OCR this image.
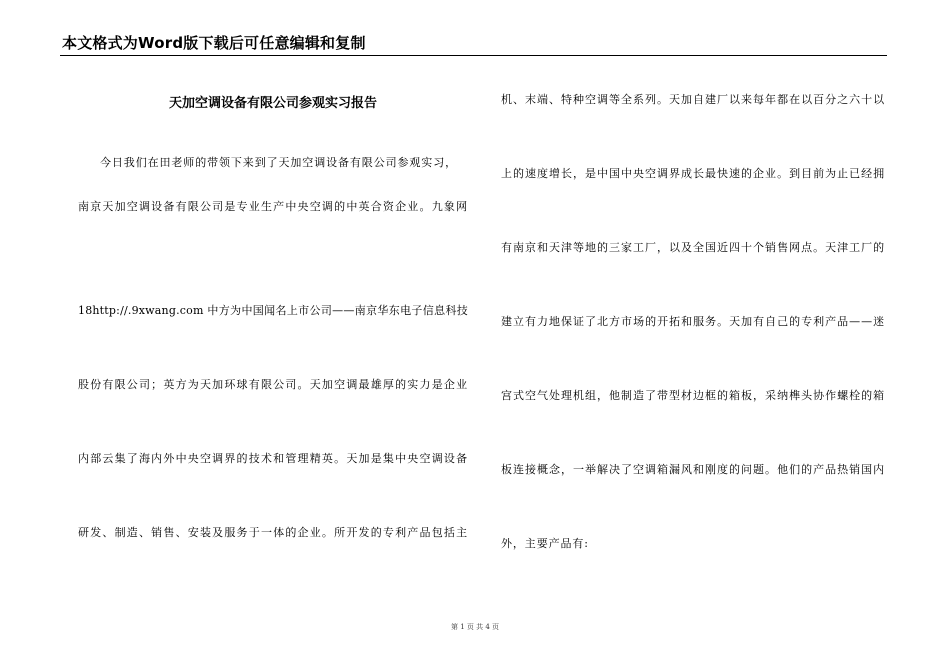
本文格式为Word版下载后可任意编辑和复制
天加空调设备有限公司参观实习报告
今日我们在田老师的带领下来到了天加空调设备有限公司参观实习，
南京天加空调设备有限公司是专业生产中央空调的中英合资企业。九象网
18http://.9xwang.com 中方为中国闻名上市公司——南京华东电子信息科技
股份有限公司；英方为天加环球有限公司。天加空调最雄厚的实力是企业
内部云集了海内外中央空调界的技术和管理精英。天加是集中央空调设备
研发、制造、销售、安装及服务于一体的企业。所开发的专利产品包括主
机、末端、特种空调等全系列。天加自建厂以来每年都在以百分之六十以
上的速度增长，是中国中央空调界成长最快速的企业。到目前为止已经拥
有南京和天津等地的三家工厂，以及全国近四十个销售网点。天津工厂的
建立有力地保证了北方市场的开拓和服务。天加有自己的专利产品——迷
宫式空气处理机组，他制造了带型材边框的箱板，采纳榫头协作螺栓的箱
板连接概念，一举解决了空调箱漏风和刚度的问题。他们的产品热销国内
外，主要产品有:
第 1 页 共 4 页
